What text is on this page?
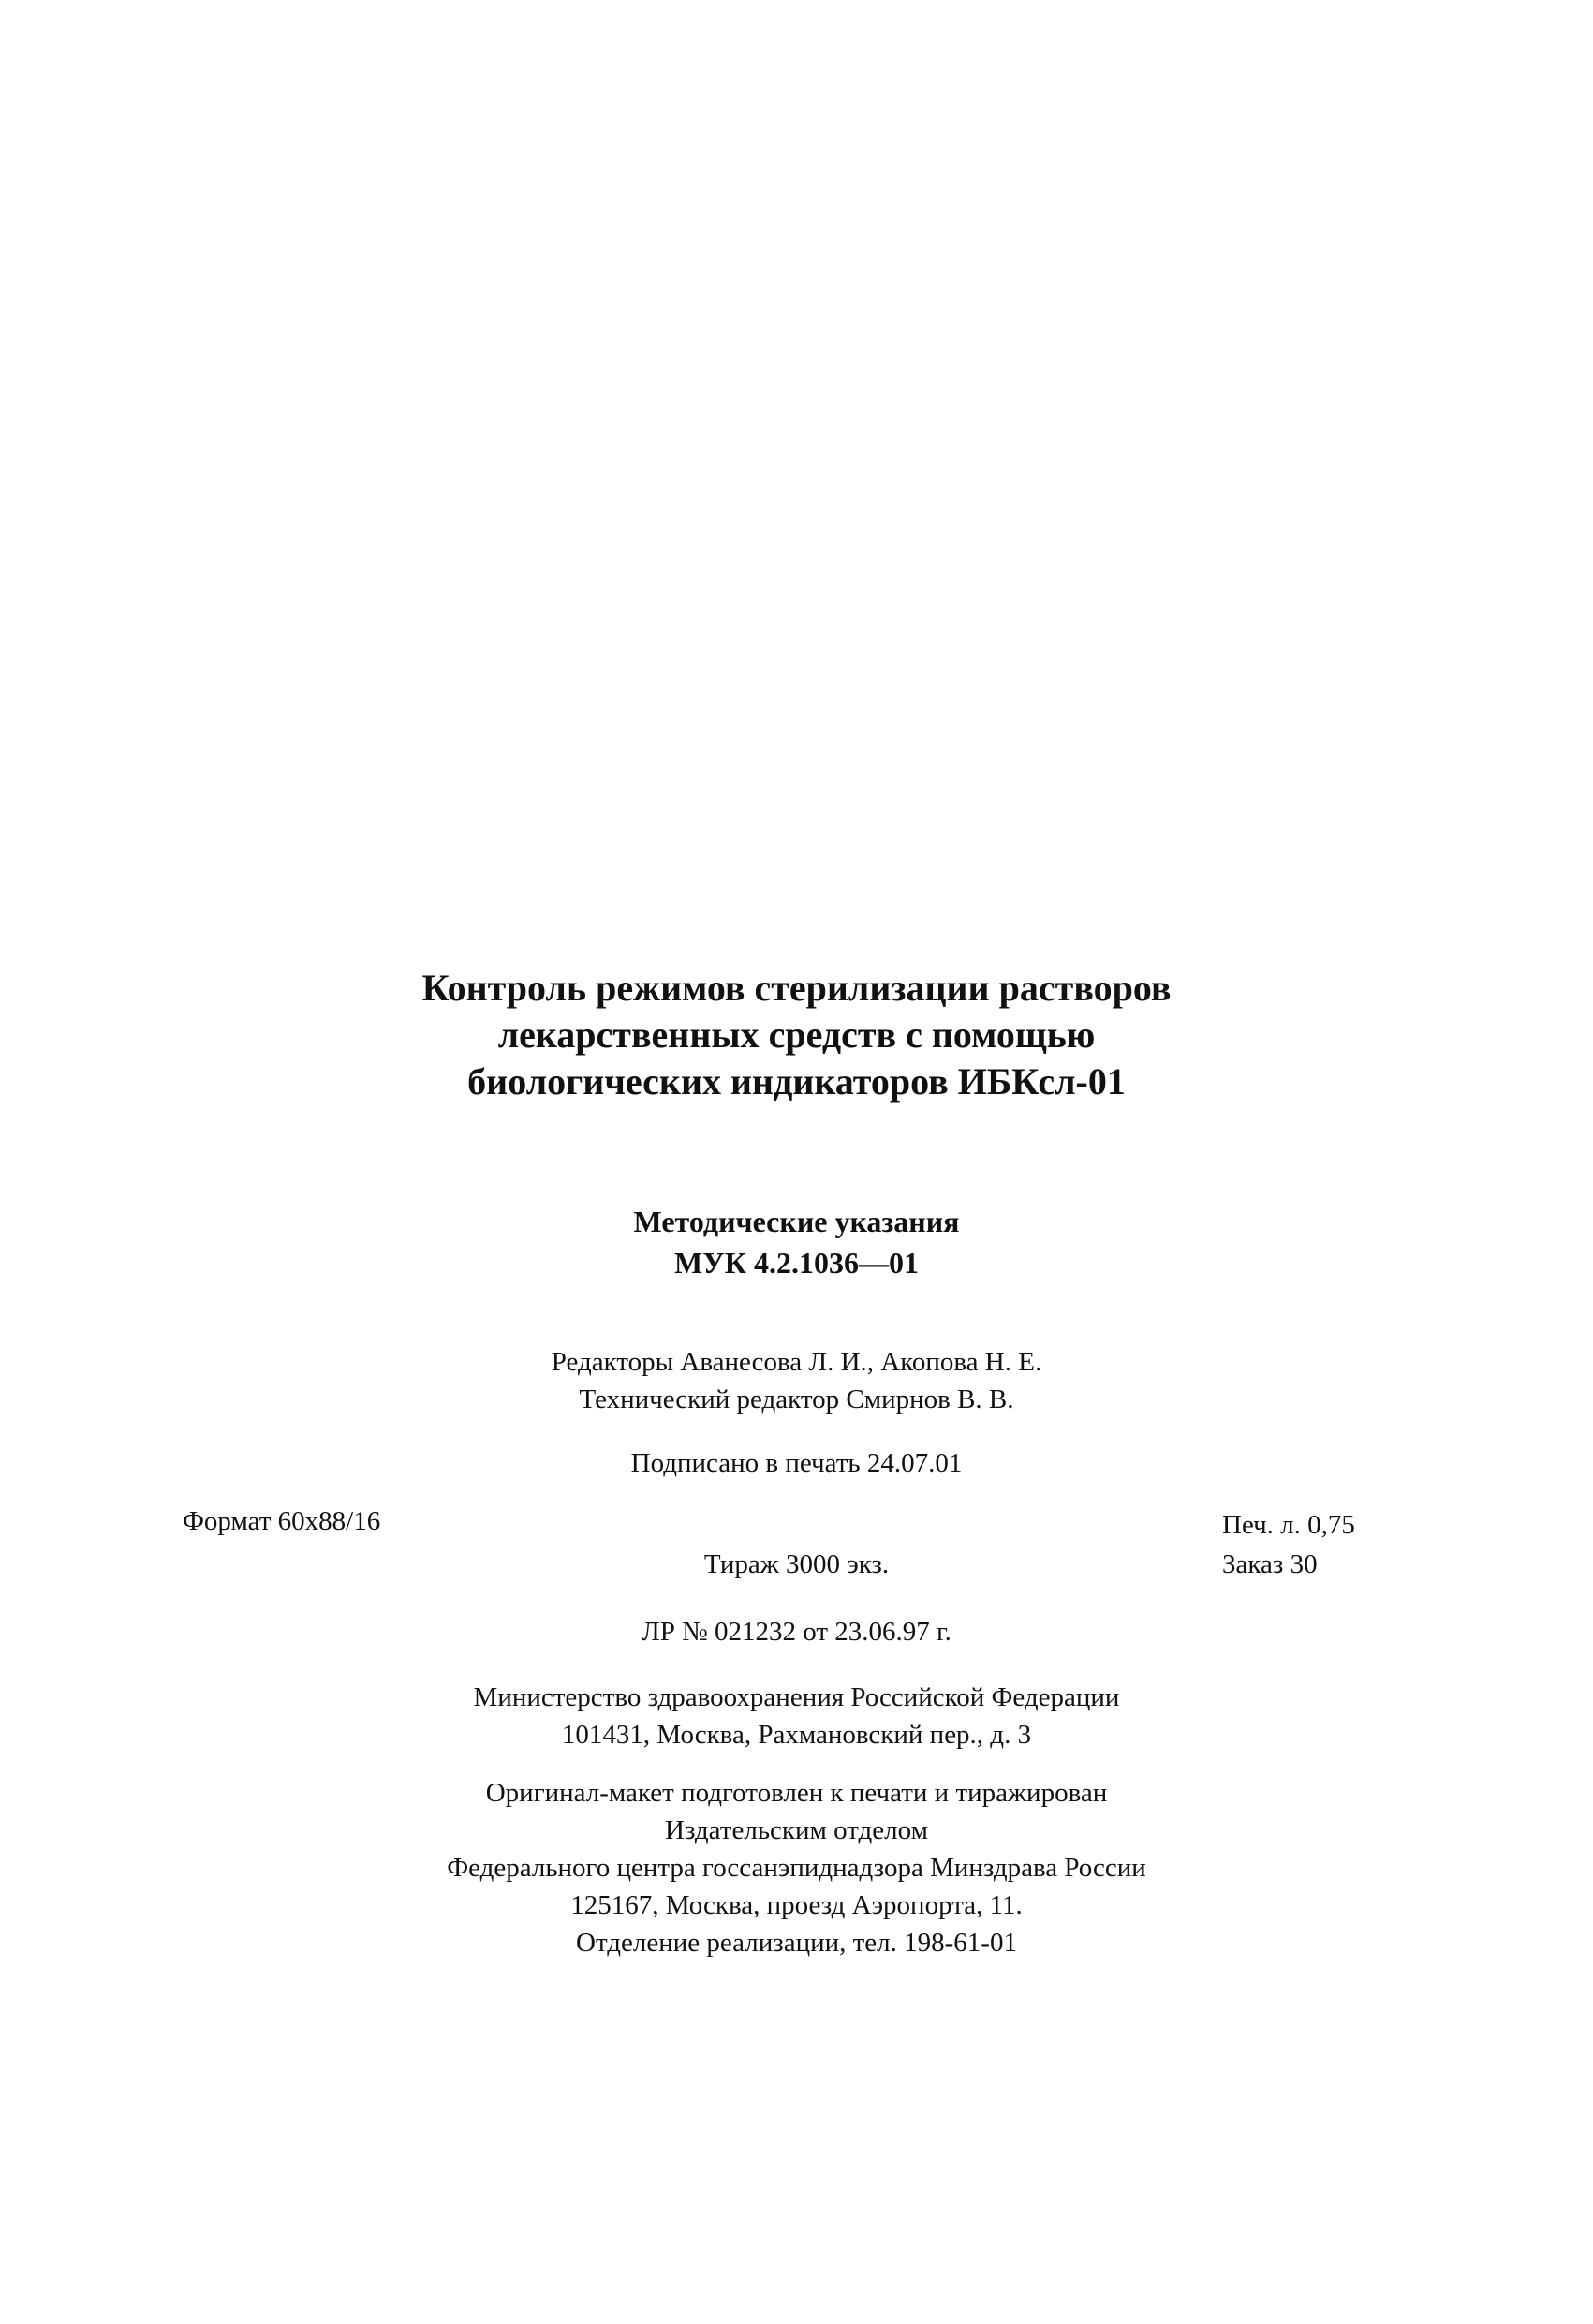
Контроль режимов стерилизации растворов
лекарственных средств с помощью
биологических индикаторов ИБКсл-01
Методические указания
МУК 4.2.1036—01
Редакторы Аванесова Л. И., Акопова Н. Е.
Технический редактор Смирнов В. В.
Подписано в печать 24.07.01
Формат 60x88/16	Печ. л. 0,75
Тираж 3000 экз.	Заказ 30
ЛР № 021232 от 23.06.97 г.
Министерство здравоохранения Российской Федерации
101431, Москва, Рахмановский пер., д. 3
Оригинал-макет подготовлен к печати и тиражирован
Издательским отделом
Федерального центра госсанэпиднадзора Минздрава России
125167, Москва, проезд Аэропорта, 11.
Отделение реализации, тел. 198-61-01
